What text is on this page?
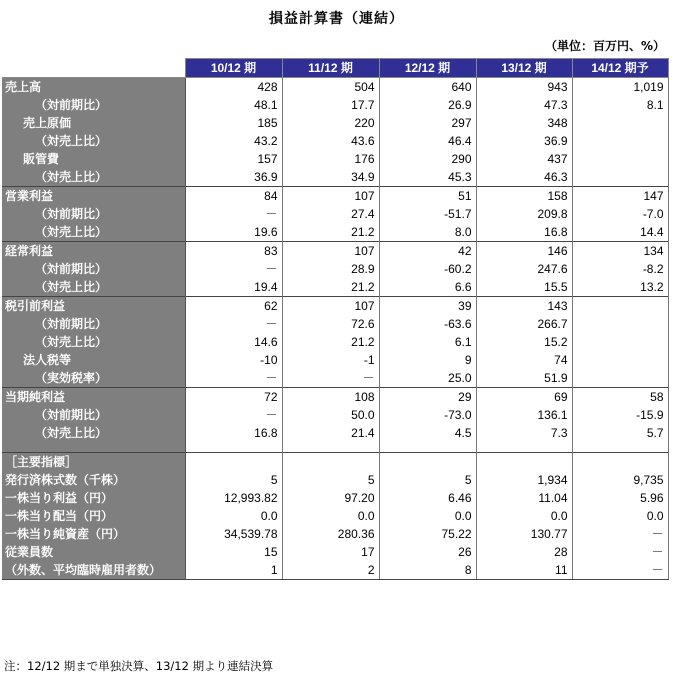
損益計算書（連結）
（単位：百万円、%）
	10/12 期	11/12 期	12/12 期	13/12 期	14/12 期予
売上高	428	504	640	943	1,019
（対前期比）	48.1	17.7	26.9	47.3	8.1
売上原価	185	220	297	348	
（対売上比）	43.2	43.6	46.4	36.9	
販管費	157	176	290	437	
（対売上比）	36.9	34.9	45.3	46.3	
営業利益	84	107	51	158	147
（対前期比）	－	27.4	-51.7	209.8	-7.0
（対売上比）	19.6	21.2	8.0	16.8	14.4
経常利益	83	107	42	146	134
（対前期比）	－	28.9	-60.2	247.6	-8.2
（対売上比）	19.4	21.2	6.6	15.5	13.2
税引前利益	62	107	39	143	
（対前期比）	－	72.6	-63.6	266.7	
（対売上比）	14.6	21.2	6.1	15.2	
法人税等	-10	-1	9	74	
（実効税率）	－	－	25.0	51.9	
当期純利益	72	108	29	69	58
（対前期比）	－	50.0	-73.0	136.1	-15.9
（対売上比）	16.8	21.4	4.5	7.3	5.7

［主要指標］					
発行済株式数（千株）	5	5	5	1,934	9,735
一株当り利益（円）	12,993.82	97.20	6.46	11.04	5.96
一株当り配当（円）	0.0	0.0	0.0	0.0	0.0
一株当り純資産（円）	34,539.78	280.36	75.22	130.77	－
従業員数	15	17	26	28	－
（外数、平均臨時雇用者数）	1	2	8	11	－
注：12/12 期まで単独決算、13/12 期より連結決算
